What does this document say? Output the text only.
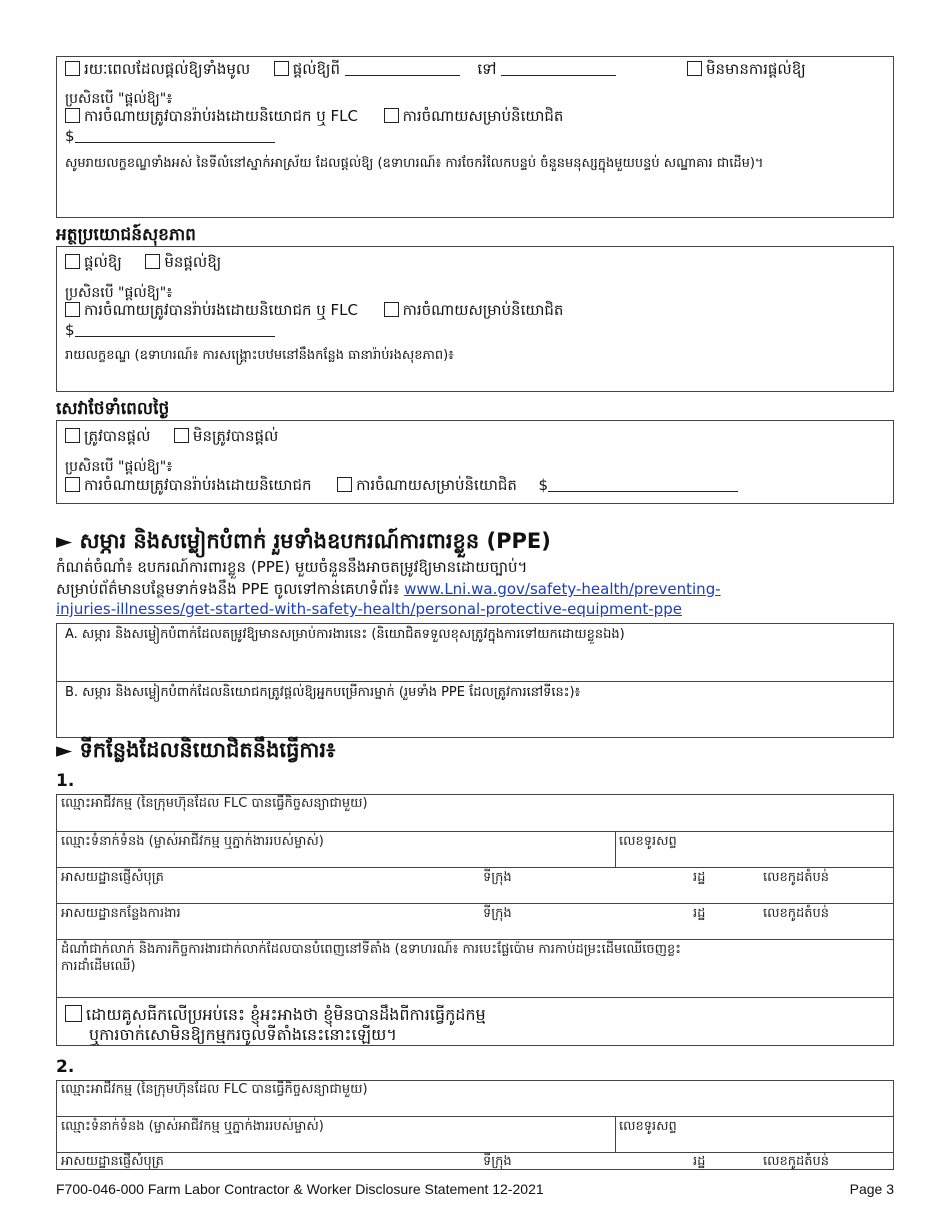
រយៈពេលដែលផ្តល់ឱ្យទាំងមូល	ផ្តល់ឱ្យពី	ទៅ	មិនមានការផ្តល់ឱ្យ
ប្រសិនបើ "ផ្តល់ឱ្យ"៖
ការចំណាយត្រូវបានរ៉ាប់រងដោយនិយោជក ឬ FLC	ការចំណាយសម្រាប់និយោជិត
$
សូមរាយលក្ខខណ្ឌទាំងអស់ នៃទីលំនៅស្នាក់អាស្រ័យ ដែលផ្តល់ឱ្យ (ឧទាហរណ៍៖ ការចែករំលែកបន្ទប់ ចំនួនមនុស្សក្នុងមួយបន្ទប់ សណ្ឋាគារ ជាដើម)។
អត្ថប្រយោជន៍សុខភាព
ផ្តល់ឱ្យ	មិនផ្តល់ឱ្យ
ប្រសិនបើ "ផ្តល់ឱ្យ"៖
ការចំណាយត្រូវបានរ៉ាប់រងដោយនិយោជក ឬ FLC	ការចំណាយសម្រាប់និយោជិត
$
រាយលក្ខខណ្ឌ (ឧទាហរណ៍៖ ការសង្គ្រោះបឋមនៅនឹងកន្លែង ធានារ៉ាប់រងសុខភាព)៖
សេវាថែទាំពេលថ្ងៃ
ត្រូវបានផ្តល់	មិនត្រូវបានផ្តល់
ប្រសិនបើ "ផ្តល់ឱ្យ"៖
ការចំណាយត្រូវបានរ៉ាប់រងដោយនិយោជក	ការចំណាយសម្រាប់និយោជិត $
► សម្ភារ និងសម្លៀកបំពាក់ រួមទាំងឧបករណ៍ការពារខ្លួន (PPE)
កំណត់ចំណាំ៖ ឧបករណ៍ការពារខ្លួន (PPE) មួយចំនួននឹងអាចតម្រូវឱ្យមានដោយច្បាប់។
សម្រាប់ព័ត៌មានបន្ថែមទាក់ទងនឹង PPE ចូលទៅកាន់គេហទំព័រ៖ www.Lni.wa.gov/safety-health/preventing-
injuries-illnesses/get-started-with-safety-health/personal-protective-equipment-ppe
A. សម្ភារ និងសម្លៀកបំពាក់ដែលតម្រូវឱ្យមានសម្រាប់ការងារនេះ (និយោជិតទទួលខុសត្រូវក្នុងការទៅយកដោយខ្លួនឯង)
B. សម្ភារ និងសម្លៀកបំពាក់ដែលនិយោជកត្រូវផ្តល់ឱ្យអ្នកបម្រើការម្នាក់ (រួមទាំង PPE ដែលត្រូវការនៅទីនេះ)៖
► ទីកន្លែងដែលនិយោជិតនឹងធ្វើការ៖
1.
ឈ្មោះអាជីវកម្ម (នៃក្រុមហ៊ុនដែល FLC បានធ្វើកិច្ចសន្យាជាមួយ)
ឈ្មោះទំនាក់ទំនង (ម្ចាស់អាជីវកម្ម ឬភ្នាក់ងាររបស់ម្ចាស់)	លេខទូរសព្ទ
អាសយដ្ឋានផ្ញើសំបុត្រ	ទីក្រុង	រដ្ឋ	លេខកូដតំបន់
អាសយដ្ឋានកន្លែងការងារ	ទីក្រុង	រដ្ឋ	លេខកូដតំបន់
ដំណាំជាក់លាក់ និងភារកិច្ចការងារជាក់លាក់ដែលបានបំពេញនៅទីតាំង (ឧទាហរណ៍៖ ការបេះផ្លែប៉ោម ការកាប់ដម្រះដើមឈើចេញខ្លះ
ការដាំដើមឈើ)
ដោយគូសធីកលើប្រអប់នេះ ខ្ញុំអះអាងថា ខ្ញុំមិនបានដឹងពីការធ្វើកូដកម្ម
ឬការចាក់សោមិនឱ្យកម្មករចូលទីតាំងនេះនោះឡើយ។
2.
ឈ្មោះអាជីវកម្ម (នៃក្រុមហ៊ុនដែល FLC បានធ្វើកិច្ចសន្យាជាមួយ)
ឈ្មោះទំនាក់ទំនង (ម្ចាស់អាជីវកម្ម ឬភ្នាក់ងាររបស់ម្ចាស់)	លេខទូរសព្ទ
អាសយដ្ឋានផ្ញើសំបុត្រ	ទីក្រុង	រដ្ឋ	លេខកូដតំបន់
F700-046-000 Farm Labor Contractor & Worker Disclosure Statement 12-2021	Page 3
